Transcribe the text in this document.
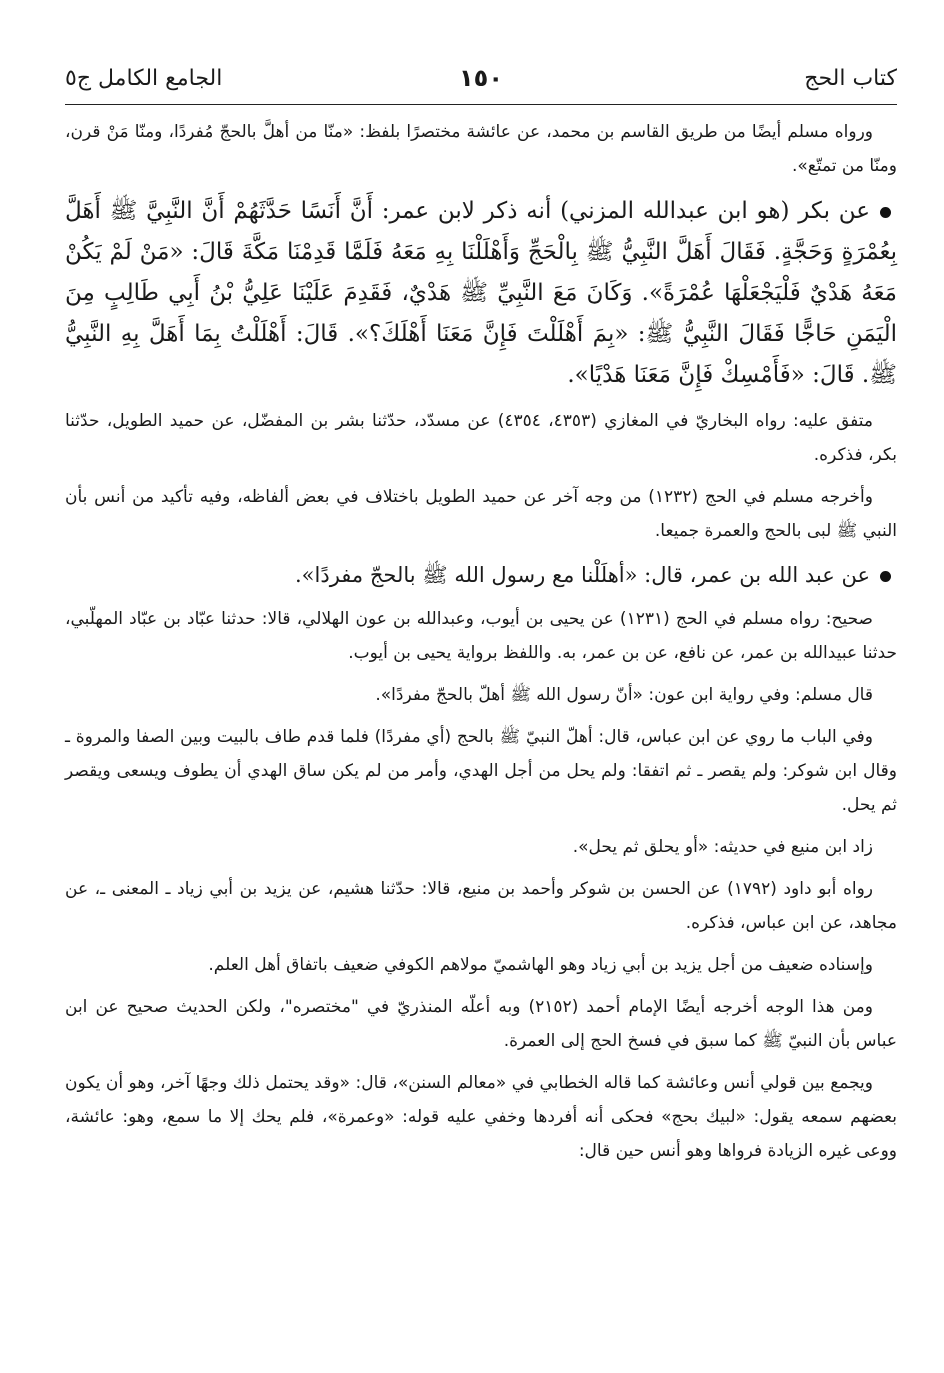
كتاب الحج
١٥٠
الجامع الكامل ج٥

ورواه مسلم أيضًا من طريق القاسم بن محمد، عن عائشة مختصرًا بلفظ: «منّا من أهلَّ بالحجّ مُفردًا، ومنّا مَنْ قرن، ومنّا من تمتّع».

عن بكر (هو ابن عبدالله المزني) أنه ذكر لابن عمر: أَنَّ أَنَسًا حَدَّثَهُمْ أَنَّ النَّبِيَّ ﷺ أَهَلَّ بِعُمْرَةٍ وَحَجَّةٍ. فَقَالَ أَهَلَّ النَّبِيُّ ﷺ بِالْحَجِّ وَأَهْلَلْنَا بِهِ مَعَهُ فَلَمَّا قَدِمْنَا مَكَّةَ قَالَ: «مَنْ لَمْ يَكُنْ مَعَهُ هَدْيٌ فَلْيَجْعَلْهَا عُمْرَةً». وَكَانَ مَعَ النَّبِيِّ ﷺ هَدْيٌ، فَقَدِمَ عَلَيْنَا عَلِيُّ بْنُ أَبِي طَالِبٍ مِنَ الْيَمَنِ حَاجًّا فَقَالَ النَّبِيُّ ﷺ: «بِمَ أَهْلَلْتَ فَإِنَّ مَعَنَا أَهْلَكَ؟». قَالَ: أَهْلَلْتُ بِمَا أَهَلَّ بِهِ النَّبِيُّ ﷺ. قَالَ: «فَأَمْسِكْ فَإِنَّ مَعَنَا هَدْيًا».

متفق عليه: رواه البخاريّ في المغازي (٤٣٥٣، ٤٣٥٤) عن مسدّد، حدّثنا بشر بن المفضّل، عن حميد الطويل، حدّثنا بكر، فذكره.

وأخرجه مسلم في الحج (١٢٣٢) من وجه آخر عن حميد الطويل باختلاف في بعض ألفاظه، وفيه تأكيد من أنس بأن النبي ﷺ لبى بالحج والعمرة جميعا.

عن عبد الله بن عمر، قال: «أهلَلْنا مع رسول الله ﷺ بالحجّ مفردًا».

صحيح: رواه مسلم في الحج (١٢٣١) عن يحيى بن أيوب، وعبدالله بن عون الهلالي، قالا: حدثنا عبّاد بن عبّاد المهلّبي، حدثنا عبيدالله بن عمر، عن نافع، عن بن عمر، به. واللفظ برواية يحيى بن أيوب.

قال مسلم: وفي رواية ابن عون: «أنّ رسول الله ﷺ أهلّ بالحجّ مفردًا».

وفي الباب ما روي عن ابن عباس، قال: أهلّ النبيّ ﷺ بالحج (أي مفردًا) فلما قدم طاف بالبيت وبين الصفا والمروة ـ وقال ابن شوكر: ولم يقصر ـ ثم اتفقا: ولم يحل من أجل الهدي، وأمر من لم يكن ساق الهدي أن يطوف ويسعى ويقصر ثم يحل.

زاد ابن منيع في حديثه: «أو يحلق ثم يحل».

رواه أبو داود (١٧٩٢) عن الحسن بن شوكر وأحمد بن منيع، قالا: حدّثنا هشيم، عن يزيد بن أبي زياد ـ المعنى ـ، عن مجاهد، عن ابن عباس، فذكره.

وإسناده ضعيف من أجل يزيد بن أبي زياد وهو الهاشميّ مولاهم الكوفي ضعيف باتفاق أهل العلم.

ومن هذا الوجه أخرجه أيضًا الإمام أحمد (٢١٥٢) وبه أعلّه المنذريّ في "مختصره"، ولكن الحديث صحيح عن ابن عباس بأن النبيّ ﷺ كما سبق في فسخ الحج إلى العمرة.

ويجمع بين قولي أنس وعائشة كما قاله الخطابي في «معالم السنن»، قال: «وقد يحتمل ذلك وجهًا آخر، وهو أن يكون بعضهم سمعه يقول: «لبيك بحج» فحكى أنه أفردها وخفي عليه قوله: «وعمرة»، فلم يحك إلا ما سمع، وهو: عائشة، ووعى غيره الزيادة فرواها وهو أنس حين قال:
